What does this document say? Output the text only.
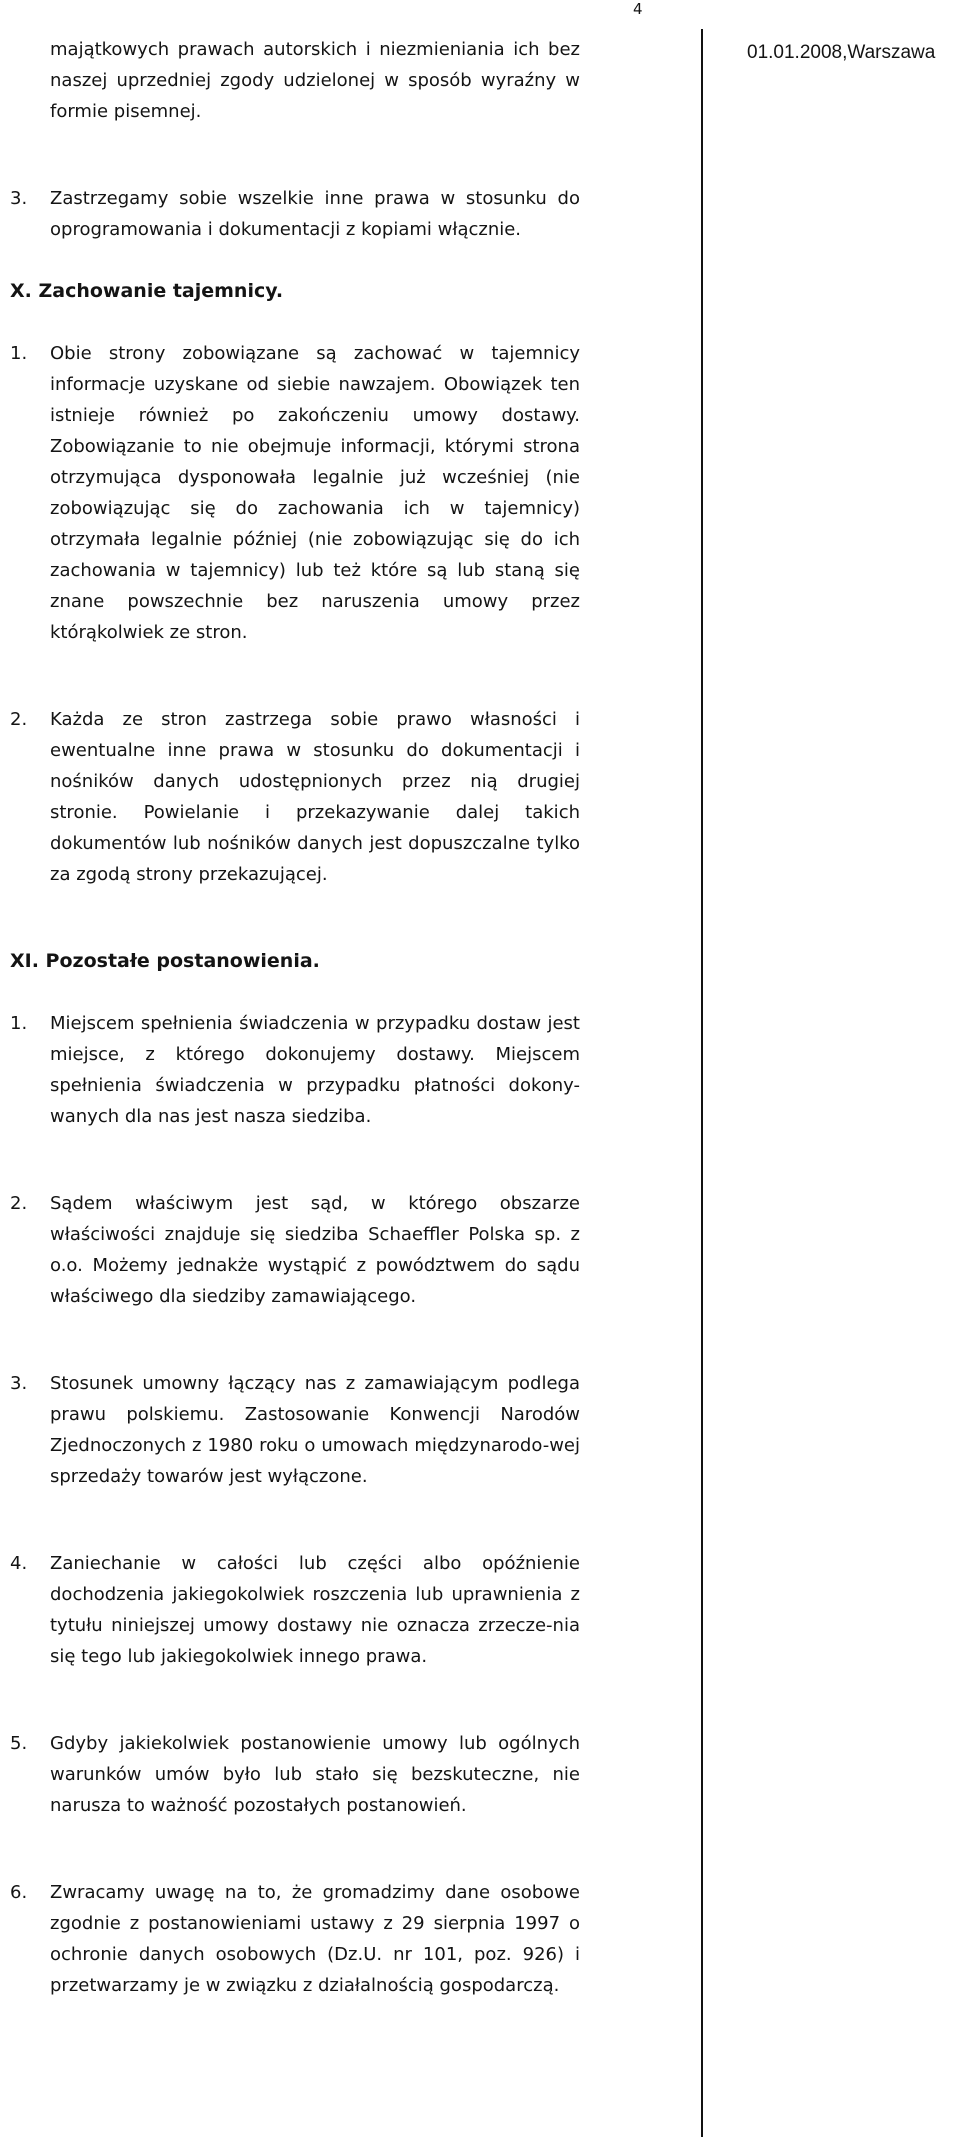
4
01.01.2008,Warszawa
majątkowych prawach autorskich i niezmieniania ich bez naszej uprzedniej zgody udzielonej w sposób wyraźny w formie pisemnej.
3. Zastrzegamy sobie wszelkie inne prawa w stosunku do oprogramowania i dokumentacji z kopiami włącznie.
X. Zachowanie tajemnicy.
1. Obie strony zobowiązane są zachować w tajemnicy informacje uzyskane od siebie nawzajem. Obowiązek ten istnieje również po zakończeniu umowy dostawy. Zobowiązanie to nie obejmuje informacji, którymi strona otrzymująca dysponowała legalnie już wcześniej (nie zobowiązując się do zachowania ich w tajemnicy) otrzymała legalnie później (nie zobowiązując się do ich zachowania w tajemnicy) lub też które są lub staną się znane powszechnie bez naruszenia umowy przez którąkolwiek ze stron.
2. Każda ze stron zastrzega sobie prawo własności i ewentualne inne prawa w stosunku do dokumentacji i nośników danych udostępnionych przez nią drugiej stronie. Powielanie i przekazywanie dalej takich dokumentów lub nośników danych jest dopuszczalne tylko za zgodą strony przekazującej.
XI. Pozostałe postanowienia.
1. Miejscem spełnienia świadczenia w przypadku dostaw jest miejsce, z którego dokonujemy dostawy. Miejscem spełnienia świadczenia w przypadku płatności dokony-wanych dla nas jest nasza siedziba.
2. Sądem właściwym jest sąd, w którego obszarze właściwości znajduje się siedziba Schaeffler Polska sp. z o.o. Możemy jednakże wystąpić z powództwem do sądu właściwego dla siedziby zamawiającego.
3. Stosunek umowny łączący nas z zamawiającym podlega prawu polskiemu. Zastosowanie Konwencji Narodów Zjednoczonych z 1980 roku o umowach międzynarodo-wej sprzedaży towarów jest wyłączone.
4. Zaniechanie w całości lub części albo opóźnienie dochodzenia jakiegokolwiek roszczenia lub uprawnienia z tytułu niniejszej umowy dostawy nie oznacza zrzecze-nia się tego lub jakiegokolwiek innego prawa.
5. Gdyby jakiekolwiek postanowienie umowy lub ogólnych warunków umów było lub stało się bezskuteczne, nie narusza to ważność pozostałych postanowień.
6. Zwracamy uwagę na to, że gromadzimy dane osobowe zgodnie z postanowieniami ustawy z 29 sierpnia 1997 o ochronie danych osobowych (Dz.U. nr 101, poz. 926) i przetwarzamy je w związku z działalnością gospodarczą.
